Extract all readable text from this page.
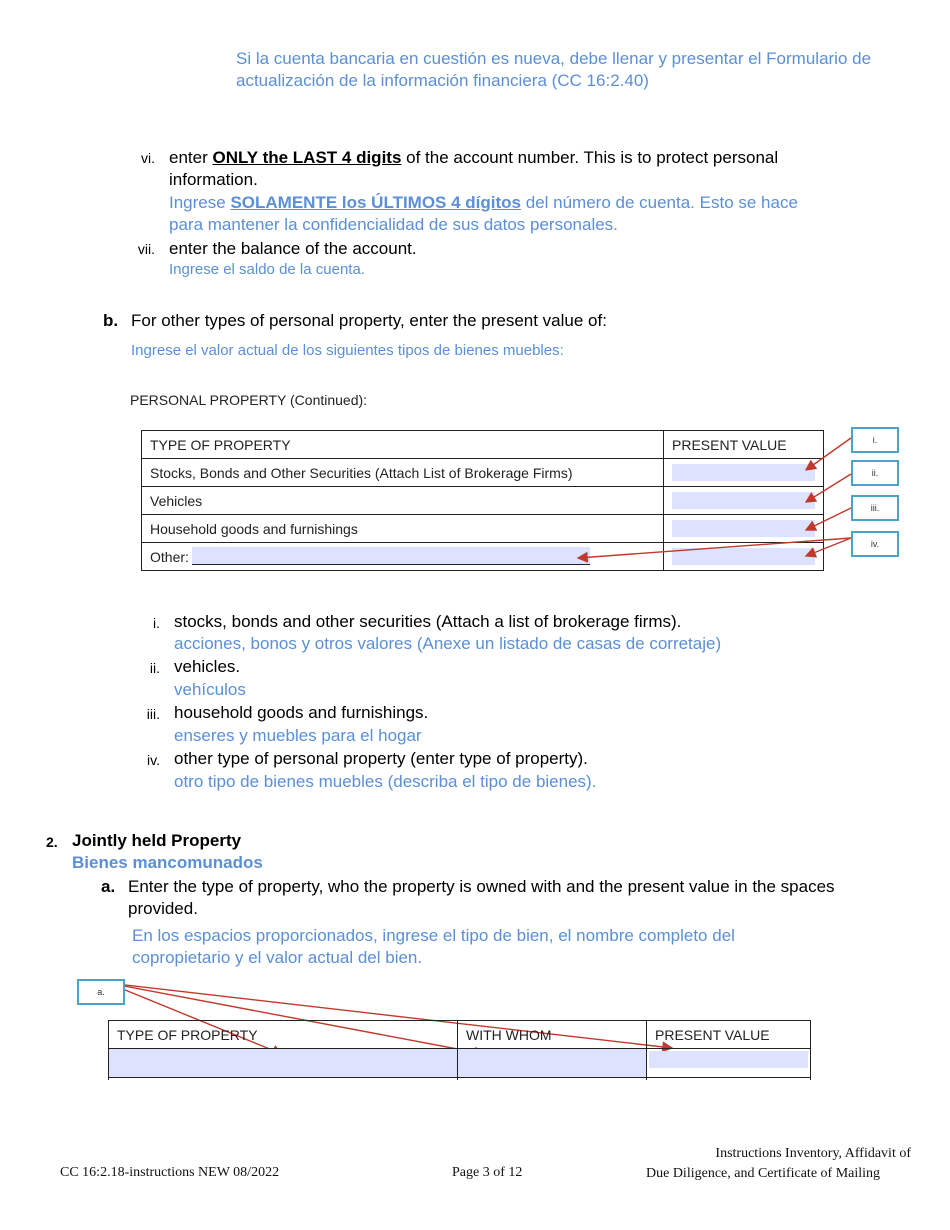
Si la cuenta bancaria en cuestión es nueva, debe llenar y presentar el Formulario de actualización de la información financiera (CC 16:2.40)
vi. enter ONLY the LAST 4 digits of the account number. This is to protect personal information.
Ingrese SOLAMENTE los ÚLTIMOS 4 dígitos del número de cuenta. Esto se hace para mantener la confidencialidad de sus datos personales.
vii. enter the balance of the account.
Ingrese el saldo de la cuenta.
b. For other types of personal property, enter the present value of:
Ingrese el valor actual de los siguientes tipos de bienes muebles:
PERSONAL PROPERTY (Continued):
TYPE OF PROPERTY	PRESENT VALUE
Stocks, Bonds and Other Securities (Attach List of Brokerage Firms)	

Vehicles	

Household goods and furnishings	

Other:

i.
ii.
iii.
iv.
i. stocks, bonds and other securities (Attach a list of brokerage firms).
acciones, bonos y otros valores (Anexe un listado de casas de corretaje)
ii. vehicles.
vehículos
iii. household goods and furnishings.
enseres y muebles para el hogar
iv. other type of personal property (enter type of property).
otro tipo de bienes muebles (describa el tipo de bienes).
2. Jointly held Property
Bienes mancomunados
a. Enter the type of property, who the property is owned with and the present value in the spaces provided.
En los espacios proporcionados, ingrese el tipo de bien, el nombre completo del copropietario y el valor actual del bien.
a.
TYPE OF PROPERTY	WITH WHOM	PRESENT VALUE

CC 16:2.18-instructions NEW 08/2022	Page 3 of 12
Instructions Inventory, Affidavit of
Due Diligence, and Certificate of Mailing
